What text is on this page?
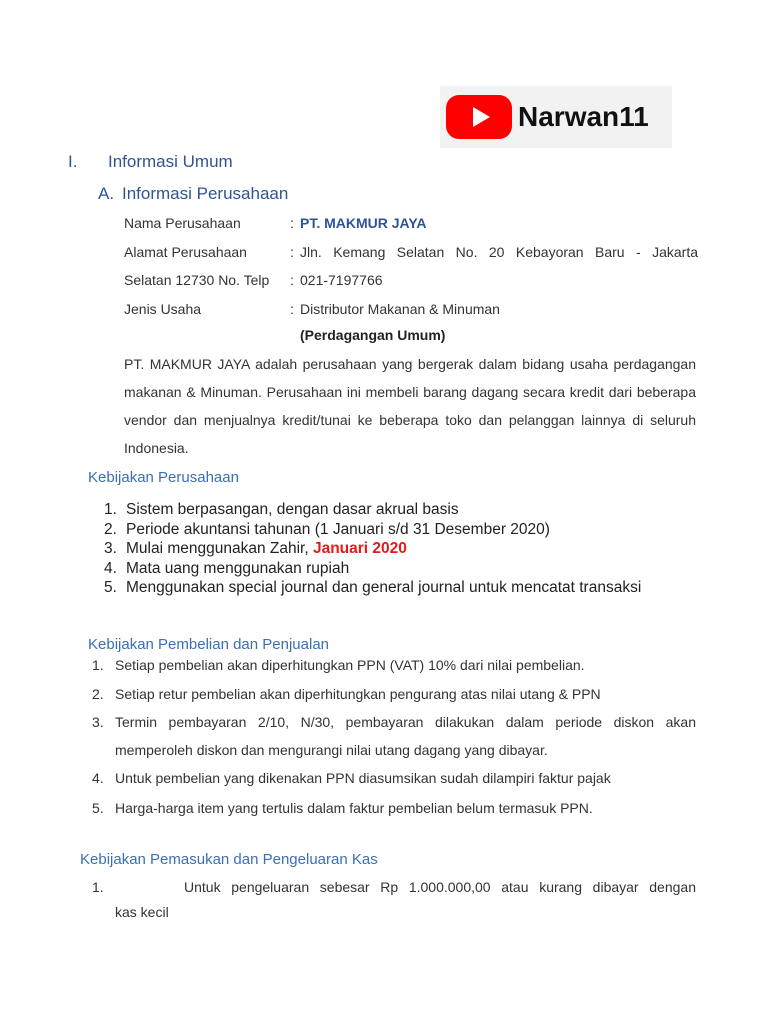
Narwan11
I.	Informasi Umum
A. Informasi Perusahaan
Nama Perusahaan	: PT. MAKMUR JAYA
Alamat Perusahaan	: Jln. Kemang Selatan No. 20 Kebayoran Baru - Jakarta
Selatan 12730 No. Telp	: 021-7197766
Jenis Usaha	: Distributor Makanan & Minuman
(Perdagangan Umum)
PT. MAKMUR JAYA adalah perusahaan yang bergerak dalam bidang usaha perdagangan makanan & Minuman. Perusahaan ini membeli barang dagang secara kredit dari beberapa vendor dan menjualnya kredit/tunai ke beberapa toko dan pelanggan lainnya di seluruh Indonesia.
Kebijakan Perusahaan
1. Sistem berpasangan, dengan dasar akrual basis
2. Periode akuntansi tahunan (1 Januari s/d 31 Desember 2020)
3. Mulai menggunakan Zahir, Januari 2020
4. Mata uang menggunakan rupiah
5. Menggunakan special journal dan general journal untuk mencatat transaksi
Kebijakan Pembelian dan Penjualan
1. Setiap pembelian akan diperhitungkan PPN (VAT) 10% dari nilai pembelian.
2. Setiap retur pembelian akan diperhitungkan pengurang atas nilai utang & PPN
3. Termin pembayaran 2/10, N/30, pembayaran dilakukan dalam periode diskon akan memperoleh diskon dan mengurangi nilai utang dagang yang dibayar.
4. Untuk pembelian yang dikenakan PPN diasumsikan sudah dilampiri faktur pajak
5. Harga-harga item yang tertulis dalam faktur pembelian belum termasuk PPN.
Kebijakan Pemasukan dan Pengeluaran Kas
1.	Untuk pengeluaran sebesar Rp 1.000.000,00 atau kurang dibayar dengan
kas kecil
